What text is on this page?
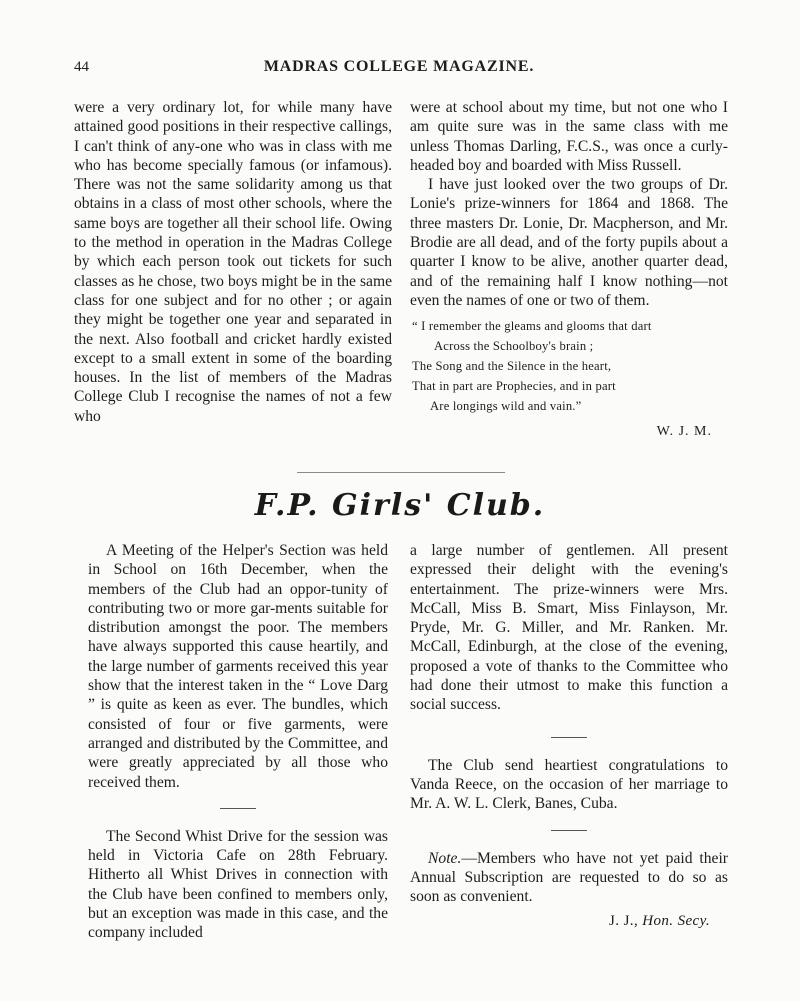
44	MADRAS COLLEGE MAGAZINE.

were a very ordinary lot, for while many have attained good positions in their respective callings, I can't think of any-one who was in class with me who has become specially famous (or infamous). There was not the same solidarity among us that obtains in a class of most other schools, where the same boys are together all their school life. Owing to the method in operation in the Madras College by which each person took out tickets for such classes as he chose, two boys might be in the same class for one subject and for no other ; or again they might be together one year and separated in the next. Also football and cricket hardly existed except to a small extent in some of the boarding houses. In the list of members of the Madras College Club I recognise the names of not a few who

were at school about my time, but not one who I am quite sure was in the same class with me unless Thomas Darling, F.C.S., was once a curly-headed boy and boarded with Miss Russell.

I have just looked over the two groups of Dr. Lonie's prize-winners for 1864 and 1868. The three masters Dr. Lonie, Dr. Macpherson, and Mr. Brodie are all dead, and of the forty pupils about a quarter I know to be alive, another quarter dead, and of the remaining half I know nothing—not even the names of one or two of them.

“ I remember the gleams and glooms that dart
Across the Schoolboy's brain ;
The Song and the Silence in the heart,
That in part are Prophecies, and in part
Are longings wild and vain.”
W. J. M.
F.P. Girls' Club.

A Meeting of the Helper's Section was held in School on 16th December, when the members of the Club had an oppor-tunity of contributing two or more gar-ments suitable for distribution amongst the poor. The members have always supported this cause heartily, and the large number of garments received this year show that the interest taken in the “ Love Darg ” is quite as keen as ever. The bundles, which consisted of four or five garments, were arranged and distributed by the Committee, and were greatly appreciated by all those who received them.

The Second Whist Drive for the session was held in Victoria Cafe on 28th February. Hitherto all Whist Drives in connection with the Club have been confined to members only, but an exception was made in this case, and the company included

a large number of gentlemen. All present expressed their delight with the evening's entertainment. The prize-winners were Mrs. McCall, Miss B. Smart, Miss Finlayson, Mr. Pryde, Mr. G. Miller, and Mr. Ranken. Mr. McCall, Edinburgh, at the close of the evening, proposed a vote of thanks to the Committee who had done their utmost to make this function a social success.

The Club send heartiest congratulations to Vanda Reece, on the occasion of her marriage to Mr. A. W. L. Clerk, Banes, Cuba.

Note.—Members who have not yet paid their Annual Subscription are requested to do so as soon as convenient.

J. J., Hon. Secy.
